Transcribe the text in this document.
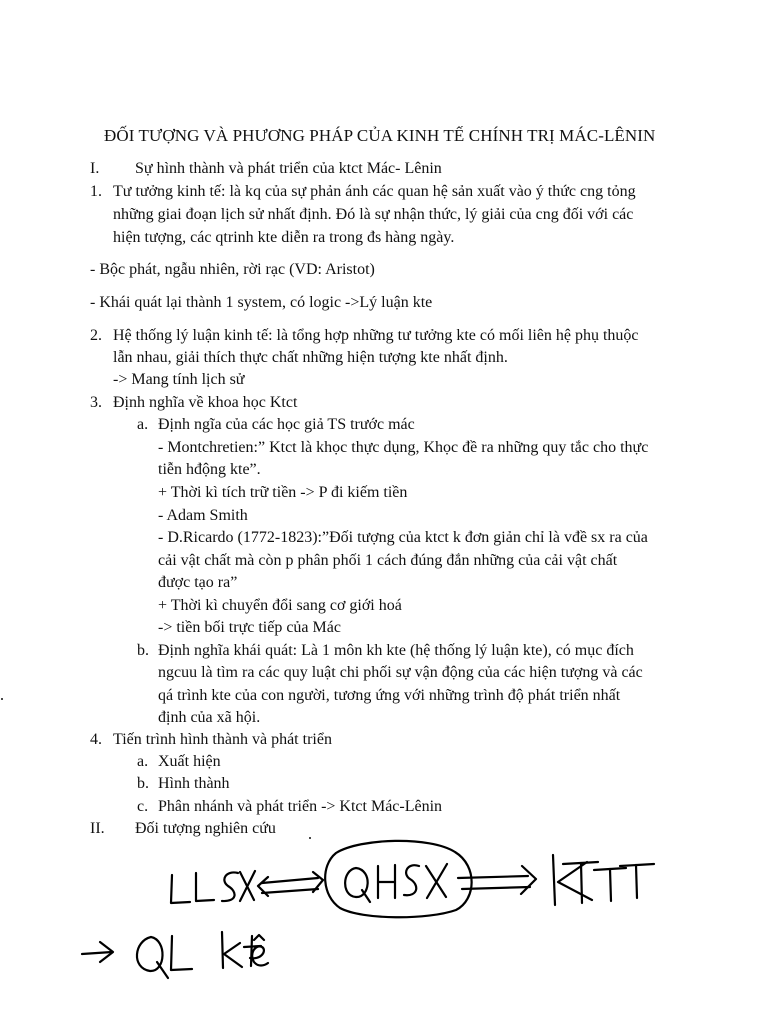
ĐỐI TƯỢNG VÀ PHƯƠNG PHÁP CỦA KINH TẾ CHÍNH TRỊ MÁC-LÊNIN

I. Sự hình thành và phát triển của ktct Mác- Lênin
1. Tư tưởng kinh tế: là kq của sự phản ánh các quan hệ sản xuất vào ý thức cng tỏng
những giai đoạn lịch sử nhất định. Đó là sự nhận thức, lý giải của cng đối với các
hiện tượng, các qtrinh kte diễn ra trong đs hàng ngày.
- Bộc phát, ngẫu nhiên, rời rạc (VD: Aristot)
- Khái quát lại thành 1 system, có logic ->Lý luận kte
2. Hệ thống lý luận kinh tế: là tổng hợp những tư tưởng kte có mối liên hệ phụ thuộc
lẫn nhau, giải thích thực chất những hiện tượng kte nhất định.
-> Mang tính lịch sử
3. Định nghĩa về khoa học Ktct
a. Định ngĩa của các học giả TS trước mác
- Montchretien:” Ktct là khọc thực dụng, Khọc đề ra những quy tắc cho thực
tiễn hđộng kte”.
+ Thời kì tích trữ tiền -> P đi kiếm tiền
- Adam Smith
- D.Ricardo (1772-1823):”Đối tượng của ktct k đơn giản chỉ là vđề sx ra của
cải vật chất mà còn p phân phối 1 cách đúng đắn những của cải vật chất
được tạo ra”
+ Thời kì chuyển đổi sang cơ giới hoá
-> tiền bối trực tiếp của Mác
b. Định nghĩa khái quát: Là 1 môn kh kte (hệ thống lý luận kte), có mục đích
ngcuu là tìm ra các quy luật chi phối sự vận động của các hiện tượng và các
qá trình kte của con người, tương ứng với những trình độ phát triển nhất
định của xã hội.
4. Tiến trình hình thành và phát triển
a. Xuất hiện
b. Hình thành
c. Phân nhánh và phát triển -> Ktct Mác-Lênin
II. Đối tượng nghiên cứu
